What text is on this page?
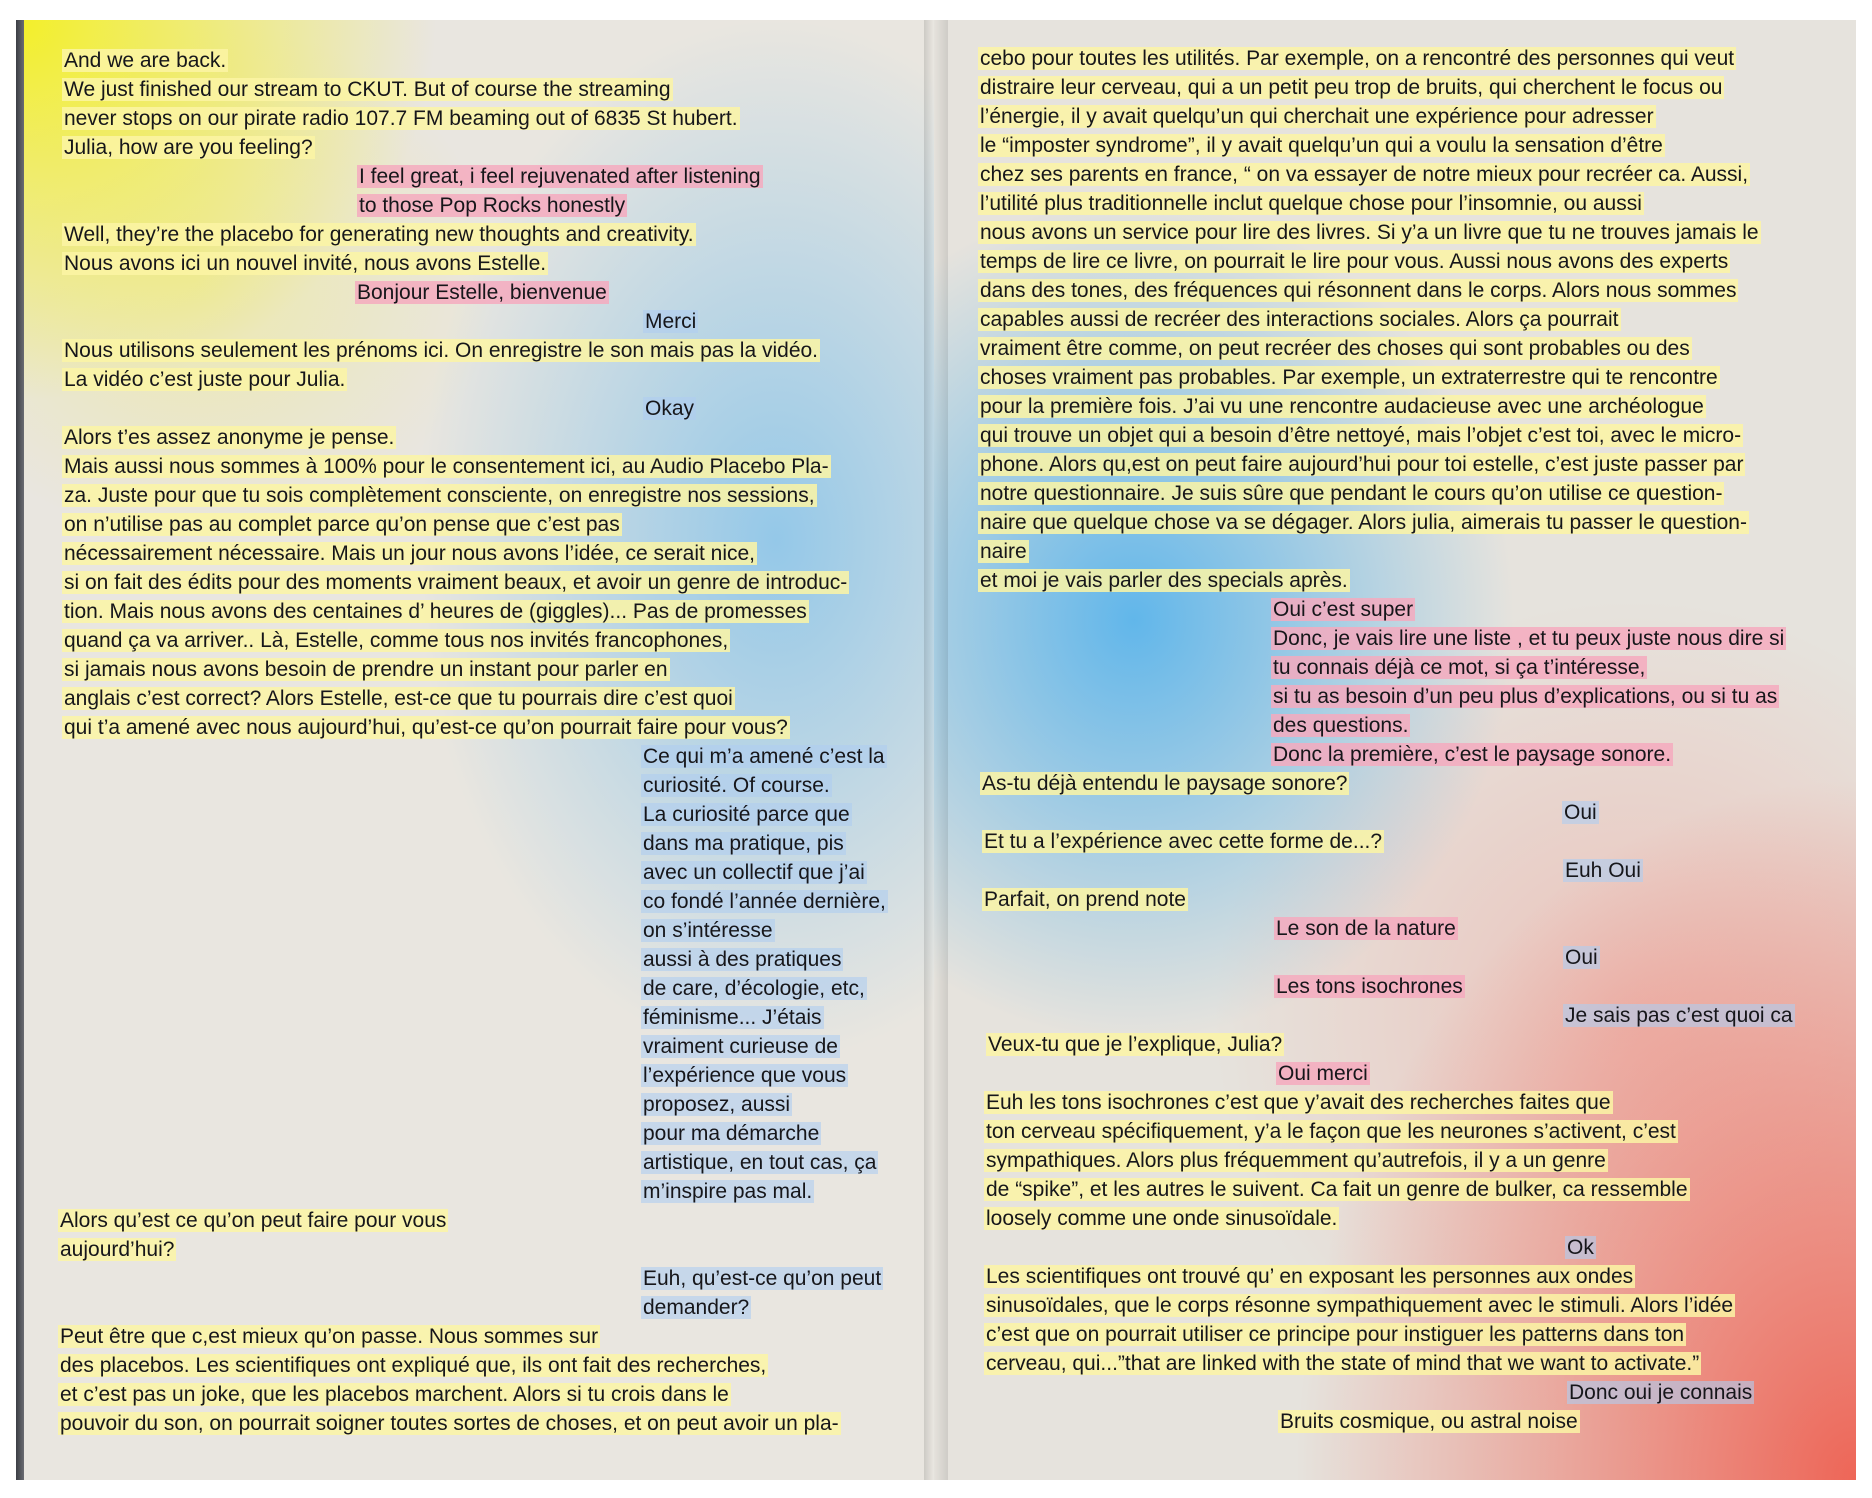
And we are back.
We just finished our stream to CKUT. But of course the streaming
never stops on our pirate radio 107.7 FM beaming out of 6835 St hubert.
Julia, how are you feeling?
I feel great, i feel rejuvenated after listening
to those Pop Rocks honestly
Well, they’re the placebo for generating new thoughts and creativity.
Nous avons ici un nouvel invité, nous avons Estelle.
Bonjour Estelle, bienvenue
Merci
Nous utilisons seulement les prénoms ici. On enregistre le son mais pas la vidéo.
La vidéo c’est juste pour Julia.
Okay
Alors t’es assez anonyme je pense.
Mais aussi nous sommes à 100% pour le consentement ici, au Audio Placebo Pla-
za. Juste pour que tu sois complètement consciente, on enregistre nos sessions,
on n’utilise pas au complet parce qu’on pense que c’est pas
nécessairement nécessaire. Mais un jour nous avons l’idée, ce serait nice,
si on fait des édits pour des moments vraiment beaux, et avoir un genre de introduc-
tion. Mais nous avons des centaines d’ heures de (giggles)... Pas de promesses
quand ça va arriver.. Là, Estelle, comme tous nos invités francophones,
si jamais nous avons besoin de prendre un instant pour parler en
anglais c’est correct? Alors Estelle, est-ce que tu pourrais dire c’est quoi
qui t’a amené avec nous aujourd’hui, qu’est-ce qu’on pourrait faire pour vous?
Ce qui m’a amené c’est la
curiosité. Of course.
La curiosité parce que
dans ma pratique, pis
avec un collectif que j’ai
co fondé l’année dernière,
on s’intéresse
aussi à des pratiques
de care, d’écologie, etc,
féminisme... J’étais
vraiment curieuse de
l’expérience que vous
proposez, aussi
pour ma démarche
artistique, en tout cas, ça
m’inspire pas mal.
Alors qu’est ce qu’on peut faire pour vous
aujourd’hui?
Euh, qu’est-ce qu’on peut
demander?
Peut être que c,est mieux qu’on passe. Nous sommes sur
des placebos. Les scientifiques ont expliqué que, ils ont fait des recherches,
et c’est pas un joke, que les placebos marchent. Alors si tu crois dans le
pouvoir du son, on pourrait soigner toutes sortes de choses, et on peut avoir un pla-
cebo pour toutes les utilités. Par exemple, on a rencontré des personnes qui veut
distraire leur cerveau, qui a un petit peu trop de bruits, qui cherchent le focus ou
l’énergie, il y avait quelqu’un qui cherchait une expérience pour adresser
le “imposter syndrome”, il y avait quelqu’un qui a voulu la sensation d’être
chez ses parents en france, “ on va essayer de notre mieux pour recréer ca. Aussi,
l’utilité plus traditionnelle inclut quelque chose pour l’insomnie, ou aussi
nous avons un service pour lire des livres. Si y’a un livre que tu ne trouves jamais le
temps de lire ce livre, on pourrait le lire pour vous. Aussi nous avons des experts
dans des tones, des fréquences qui résonnent dans le corps. Alors nous sommes
capables aussi de recréer des interactions sociales. Alors ça pourrait
vraiment être comme, on peut recréer des choses qui sont probables ou des
choses vraiment pas probables. Par exemple, un extraterrestre qui te rencontre
pour la première fois. J’ai vu une rencontre audacieuse avec une archéologue
qui trouve un objet qui a besoin d’être nettoyé, mais l’objet c’est toi, avec le micro-
phone. Alors qu,est on peut faire aujourd’hui pour toi estelle, c’est juste passer par
notre questionnaire. Je suis sûre que pendant le cours qu’on utilise ce question-
naire que quelque chose va se dégager. Alors julia, aimerais tu passer le question-
naire
et moi je vais parler des specials après.
Oui c’est super
Donc, je vais lire une liste , et tu peux juste nous dire si
tu connais déjà ce mot, si ça t’intéresse,
si tu as besoin d’un peu plus d’explications, ou si tu as
des questions.
Donc la première, c’est le paysage sonore.
As-tu déjà entendu le paysage sonore?
Oui
Et tu a l’expérience avec cette forme de...?
Euh Oui
Parfait, on prend note
Le son de la nature
Oui
Les tons isochrones
Je sais pas c’est quoi ca
Veux-tu que je l’explique, Julia?
Oui merci
Euh les tons isochrones c’est que y’avait des recherches faites que
ton cerveau spécifiquement, y’a le façon que les neurones s’activent, c’est
sympathiques. Alors plus fréquemment qu’autrefois, il y a un genre
de “spike”, et les autres le suivent. Ca fait un genre de bulker, ca ressemble
loosely comme une onde sinusoïdale.
Ok
Les scientifiques ont trouvé qu’ en exposant les personnes aux ondes
sinusoïdales, que le corps résonne sympathiquement avec le stimuli. Alors l’idée
c’est que on pourrait utiliser ce principe pour instiguer les patterns dans ton
cerveau, qui...”that are linked with the state of mind that we want to activate.”
Donc oui je connais
Bruits cosmique, ou astral noise
